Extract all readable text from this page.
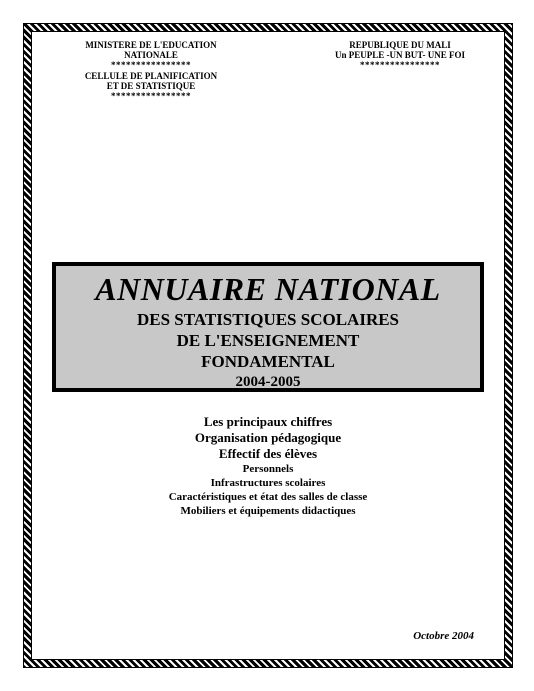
MINISTERE DE L'EDUCATION NATIONALE
****************
CELLULE DE PLANIFICATION
ET DE STATISTIQUE
****************
REPUBLIQUE DU MALI
Un PEUPLE -UN BUT- UNE FOI
****************
ANNUAIRE NATIONAL
DES STATISTIQUES SCOLAIRES
DE L'ENSEIGNEMENT
FONDAMENTAL
2004-2005
Les principaux chiffres
Organisation pédagogique
Effectif des élèves
Personnels
Infrastructures scolaires
Caractéristiques et état des salles de classe
Mobiliers et équipements didactiques
Octobre 2004
